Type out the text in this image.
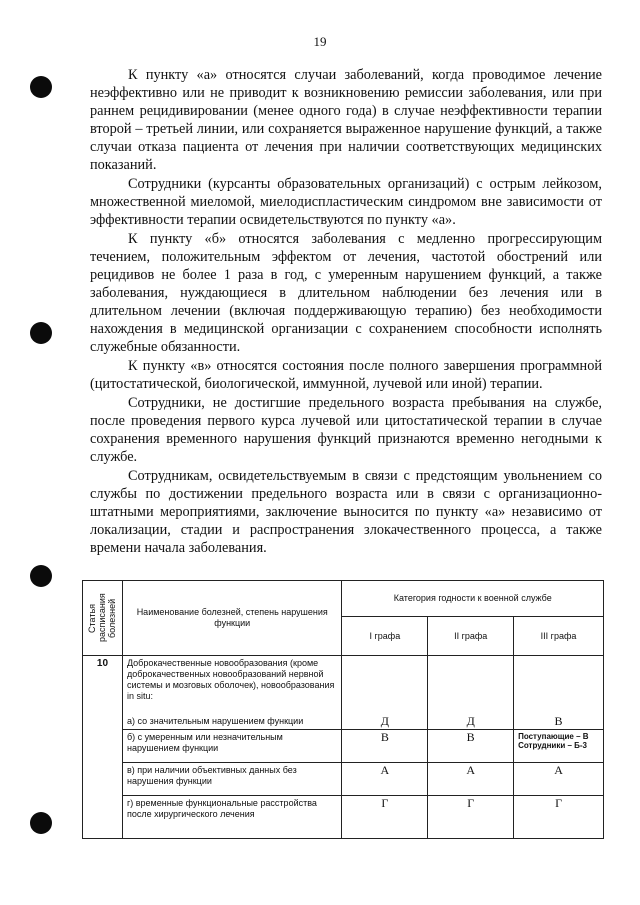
19

К пункту «а» относятся случаи заболеваний, когда проводимое лечение неэффективно или не приводит к возникновению ремиссии заболевания, или при раннем рецидивировании (менее одного года) в случае неэффективности терапии второй – третьей линии, или сохраняется выраженное нарушение функций, а также случаи отказа пациента от лечения при наличии соответствующих медицинских показаний.

Сотрудники (курсанты образовательных организаций) с острым лейкозом, множественной миеломой, миелодиспластическим синдромом вне зависимости от эффективности терапии освидетельствуются по пункту «а».

К пункту «б» относятся заболевания с медленно прогрессирующим течением, положительным эффектом от лечения, частотой обострений или рецидивов не более 1 раза в год, с умеренным нарушением функций, а также заболевания, нуждающиеся в длительном наблюдении без лечения или в длительном лечении (включая поддерживающую терапию) без необходимости нахождения в медицинской организации с сохранением способности исполнять служебные обязанности.

К пункту «в» относятся состояния после полного завершения программной (цитостатической, биологической, иммунной, лучевой или иной) терапии.

Сотрудники, не достигшие предельного возраста пребывания на службе, после проведения первого курса лучевой или цитостатической терапии в случае сохранения временного нарушения функций признаются временно негодными к службе.

Сотрудникам, освидетельствуемым в связи с предстоящим увольнением со службы по достижении предельного возраста или в связи с организационно-штатными мероприятиями, заключение выносится по пункту «а» независимо от локализации, стадии и распространения злокачественного процесса, а также времени начала заболевания.

Статья расписания болезней	Наименование болезней, степень нарушения функции	Категория годности к военной службе		
		I графа	II графа	III графа
10	Доброкачественные новообразования (кроме доброкачественных новообразований нервной системы и мозговых оболочек), новообразования in situ:
а) со значительным нарушением функции	Д	Д	В
	б) с умеренным или незначительным нарушением функции	В	В	Поступающие – В
Сотрудники – Б-3

	в) при наличии объективных данных без нарушения функции	А	А	А
	г) временные функциональные расстройства после хирургического лечения	Г	Г	Г
